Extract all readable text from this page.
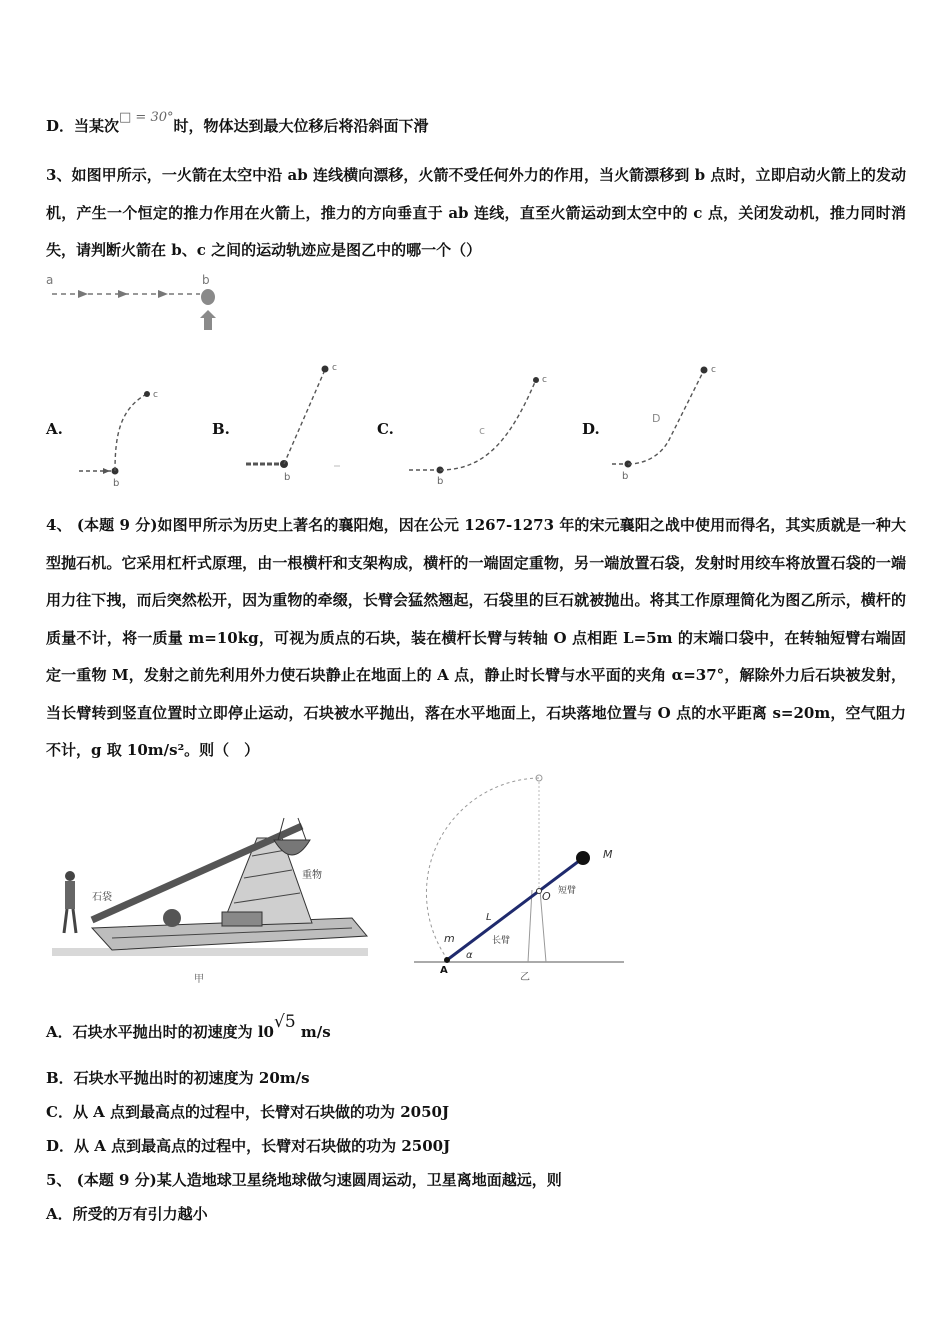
D．当某次□ = 30°时，物体达到最大位移后将沿斜面下滑
3、如图甲所示，一火箭在太空中沿 ab 连线横向漂移，火箭不受任何外力的作用，当火箭漂移到 b 点时，立即启动火箭上的发动机，产生一个恒定的推力作用在火箭上，推力的方向垂直于 ab 连线，直至火箭运动到太空中的 c 点，关闭发动机，推力同时消失，请判断火箭在 b、c 之间的运动轨迹应是图乙中的哪一个（）
a	b
A.
b
c
B.
b
c
C.
b
c
c	D.
b
c
D
4、 (本题 9 分)如图甲所示为历史上著名的襄阳炮，因在公元 1267-1273 年的宋元襄阳之战中使用而得名，其实质就是一种大型抛石机。它采用杠杆式原理，由一根横杆和支架构成，横杆的一端固定重物，另一端放置石袋，发射时用绞车将放置石袋的一端用力往下拽，而后突然松开，因为重物的牵缀，长臂会猛然翘起，石袋里的巨石就被抛出。将其工作原理简化为图乙所示，横杆的质量不计，将一质量 m=10kg，可视为质点的石块，装在横杆长臂与转轴 O 点相距 L=5m 的末端口袋中，在转轴短臂右端固定一重物 M，发射之前先利用外力使石块静止在地面上的 A 点，静止时长臂与水平面的夹角 α=37°，解除外力后石块被发射，当长臂转到竖直位置时立即停止运动，石块被水平抛出，落在水平地面上，石块落地位置与 O 点的水平距离 s=20m，空气阻力不计，g 取 10m/s²。则（　）
石袋
重物
甲
M
O 短臂
L
长臂
m
α
A
乙
A．石块水平抛出时的初速度为 l0√5 m/s
B．石块水平抛出时的初速度为 20m/s
C．从 A 点到最高点的过程中，长臂对石块做的功为 2050J
D．从 A 点到最高点的过程中，长臂对石块做的功为 2500J
5、 (本题 9 分)某人造地球卫星绕地球做匀速圆周运动，卫星离地面越远，则
A．所受的万有引力越小
